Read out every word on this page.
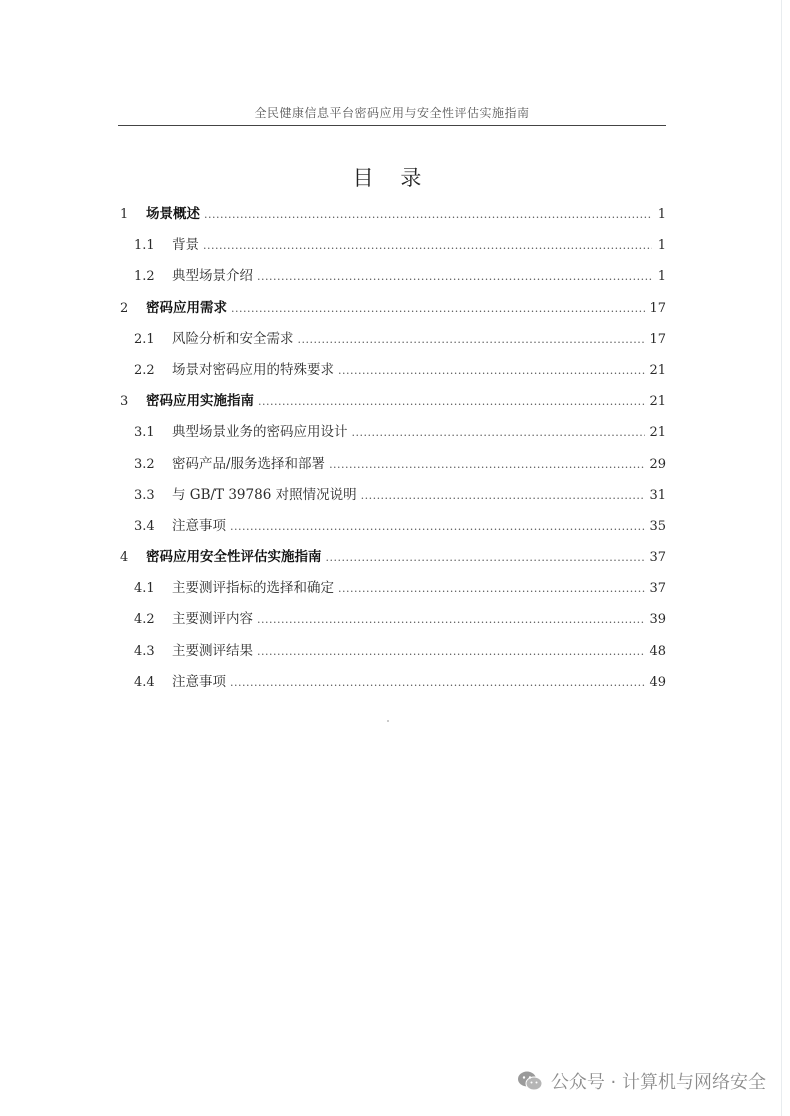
全民健康信息平台密码应用与安全性评估实施指南
目 录
1	场景概述 .....	1
1.1	背景 .....	1
1.2	典型场景介绍 .....	1
2	密码应用需求 .....	17
2.1	风险分析和安全需求 .....	17
2.2	场景对密码应用的特殊要求 .....	21
3	密码应用实施指南 .....	21
3.1	典型场景业务的密码应用设计 .....	21
3.2	密码产品/服务选择和部署 .....	29
3.3	与 GB/T 39786 对照情况说明 .....	31
3.4	注意事项 .....	35
4	密码应用安全性评估实施指南 .....	37
4.1	主要测评指标的选择和确定 .....	37
4.2	主要测评内容 .....	39
4.3	主要测评结果 .....	48
4.4	注意事项 .....	49
公众号 · 计算机与网络安全
